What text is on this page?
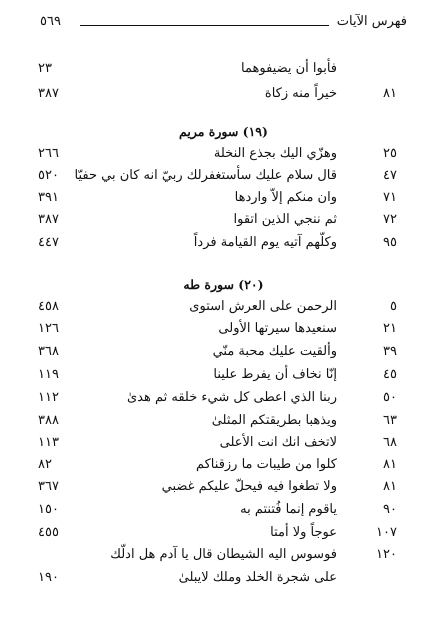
فهرس الآيات
٥٦٩
فأبوا أن يضيفوهما
٢٣
٨١
خيراً منه زكاة
٣٨٧
(١٩) سورة مريم
٢٥
وهزّي اليك بجذع النخلة
٢٦٦
٤٧
قال سلام عليك سأستغفرلك ربيّ انه كان بي حفيّا
٥٢٠
٧١
وان منكم إلاّ واردها
٣٩١
٧٢
ثم ننجي الذين اتقوا
٣٨٧
٩٥
وكلّهم آتيه يوم القيامة فرداً
٤٤٧
(٢٠) سورة طه
٥
الرحمن على العرش استوى
٤٥٨
٢١
سنعيدها سيرتها الأولى
١٢٦
٣٩
وألقيت عليك محبة منّي
٣٦٨
٤٥
إنّا نخاف أن يفرط علينا
١١٩
٥٠
ربنا الذي اعطى كل شيء خلقه ثم هدىٰ
١١٢
٦٣
ويذهبا بطريقتكم المثلىٰ
٣٨٨
٦٨
لاتخف انك انت الأعلى
١١٣
٨١
كلوا من طيبات ما رزقناكم
٨٢
٨١
ولا تطغوا فيه فيحلّ عليكم غضبي
٣٦٧
٩٠
ياقوم إنما فُتنتم به
١٥٠
١٠٧
عوجاً ولا أمتا
٤٥٥
١٢٠
فوسوس اليه الشيطان قال يا آدم هل ادلّك
على شجرة الخلد وملك لايبلىٰ
١٩٠
